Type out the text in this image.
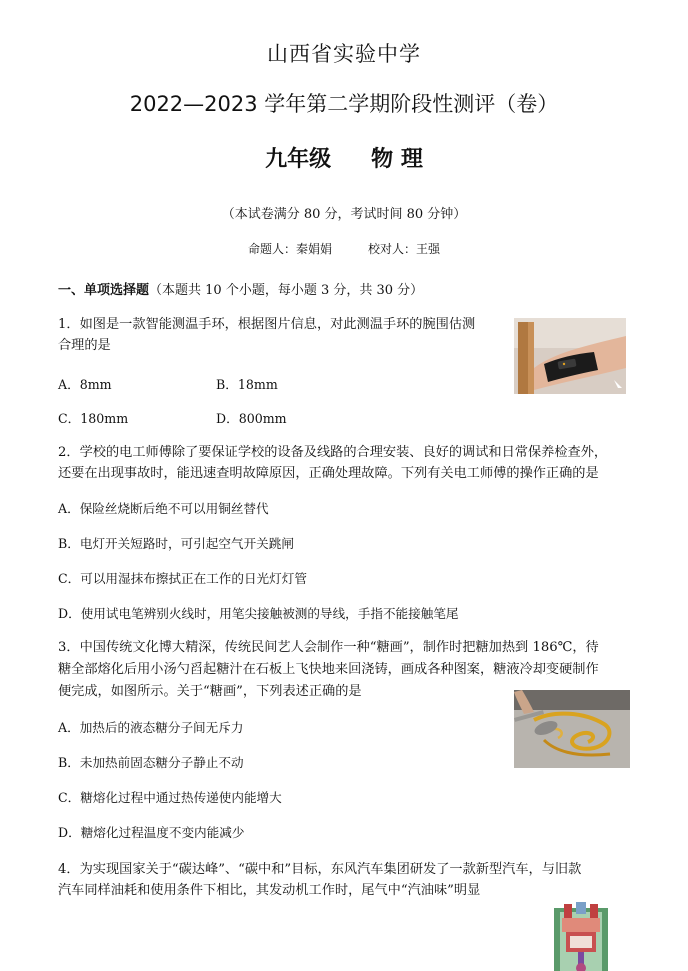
山西省实验中学
2022—2023 学年第二学期阶段性测评（卷）
九年级 物 理
（本试卷满分 80 分，考试时间 80 分钟）
命题人：秦娟娟	校对人：王强
一、单项选择题（本题共 10 个小题，每小题 3 分，共 30 分）
1．如图是一款智能测温手环，根据图片信息，对此测温手环的腕围估测
合理的是
A．8mm	B．18mm
C．180mm	D．800mm
2．学校的电工师傅除了要保证学校的设备及线路的合理安装、良好的调试和日常保养检查外，
还要在出现事故时，能迅速查明故障原因，正确处理故障。下列有关电工师傅的操作正确的是
A．保险丝烧断后绝不可以用铜丝替代
B．电灯开关短路时，可引起空气开关跳闸
C．可以用湿抹布擦拭正在工作的日光灯灯管
D．使用试电笔辨别火线时，用笔尖接触被测的导线，手指不能接触笔尾
3．中国传统文化博大精深，传统民间艺人会制作一种“糖画”，制作时把糖加热到 186℃，待
糖全部熔化后用小汤勺舀起糖汁在石板上飞快地来回浇铸，画成各种图案，糖液冷却变硬制作
便完成，如图所示。关于“糖画”，下列表述正确的是
A．加热后的液态糖分子间无斥力
B．未加热前固态糖分子静止不动
C．糖熔化过程中通过热传递使内能增大
D．糖熔化过程温度不变内能减少
4．为实现国家关于“碳达峰”、“碳中和”目标，东风汽车集团研发了一款新型汽车，与旧款
汽车同样油耗和使用条件下相比，其发动机工作时，尾气中“汽油味”明显
